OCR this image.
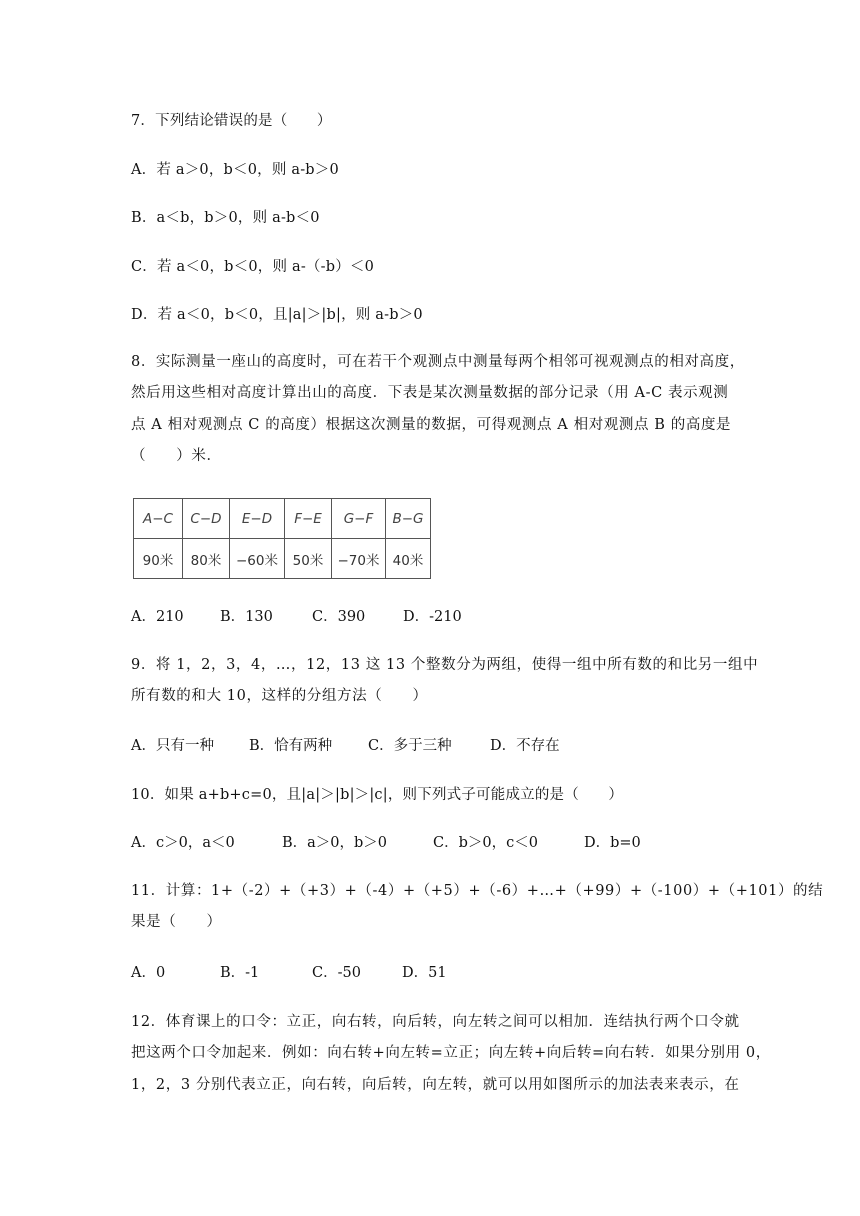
7．下列结论错误的是（　　）
A．若 a＞0，b＜0，则 a-b＞0
B．a＜b，b＞0，则 a-b＜0
C．若 a＜0，b＜0，则 a-（-b）＜0
D．若 a＜0，b＜0，且|a|＞|b|，则 a-b＞0
8．实际测量一座山的高度时，可在若干个观测点中测量每两个相邻可视观测点的相对高度，
然后用这些相对高度计算出山的高度．下表是某次测量数据的部分记录（用 A-C 表示观测
点 A 相对观测点 C 的高度）根据这次测量的数据，可得观测点 A 相对观测点 B 的高度是
（　　）米．
A−C	C−D	E−D	F−E	G−F	B−G
90米	80米	−60米	50米	−70米	40米
A．210	B．130	C．390	D．-210
9．将 1，2，3，4，…，12，13 这 13 个整数分为两组，使得一组中所有数的和比另一组中
所有数的和大 10，这样的分组方法（　　）
A．只有一种 B．恰有两种 C．多于三种	D．不存在
10．如果 a+b+c=0，且|a|＞|b|＞|c|，则下列式子可能成立的是（　　）
A．c＞0，a＜0	B．a＞0，b＞0	C．b＞0，c＜0	D．b=0
11．计算：1+（-2）+（+3）+（-4）+（+5）+（-6）+…+（+99）+（-100）+（+101）的结
果是（　　）
A．0	B．-1	C．-50	D．51
12．体育课上的口令：立正，向右转，向后转，向左转之间可以相加．连结执行两个口令就
把这两个口令加起来．例如：向右转+向左转=立正；向左转+向后转=向右转．如果分别用 0，
1，2，3 分别代表立正，向右转，向后转，向左转，就可以用如图所示的加法表来表示，在
